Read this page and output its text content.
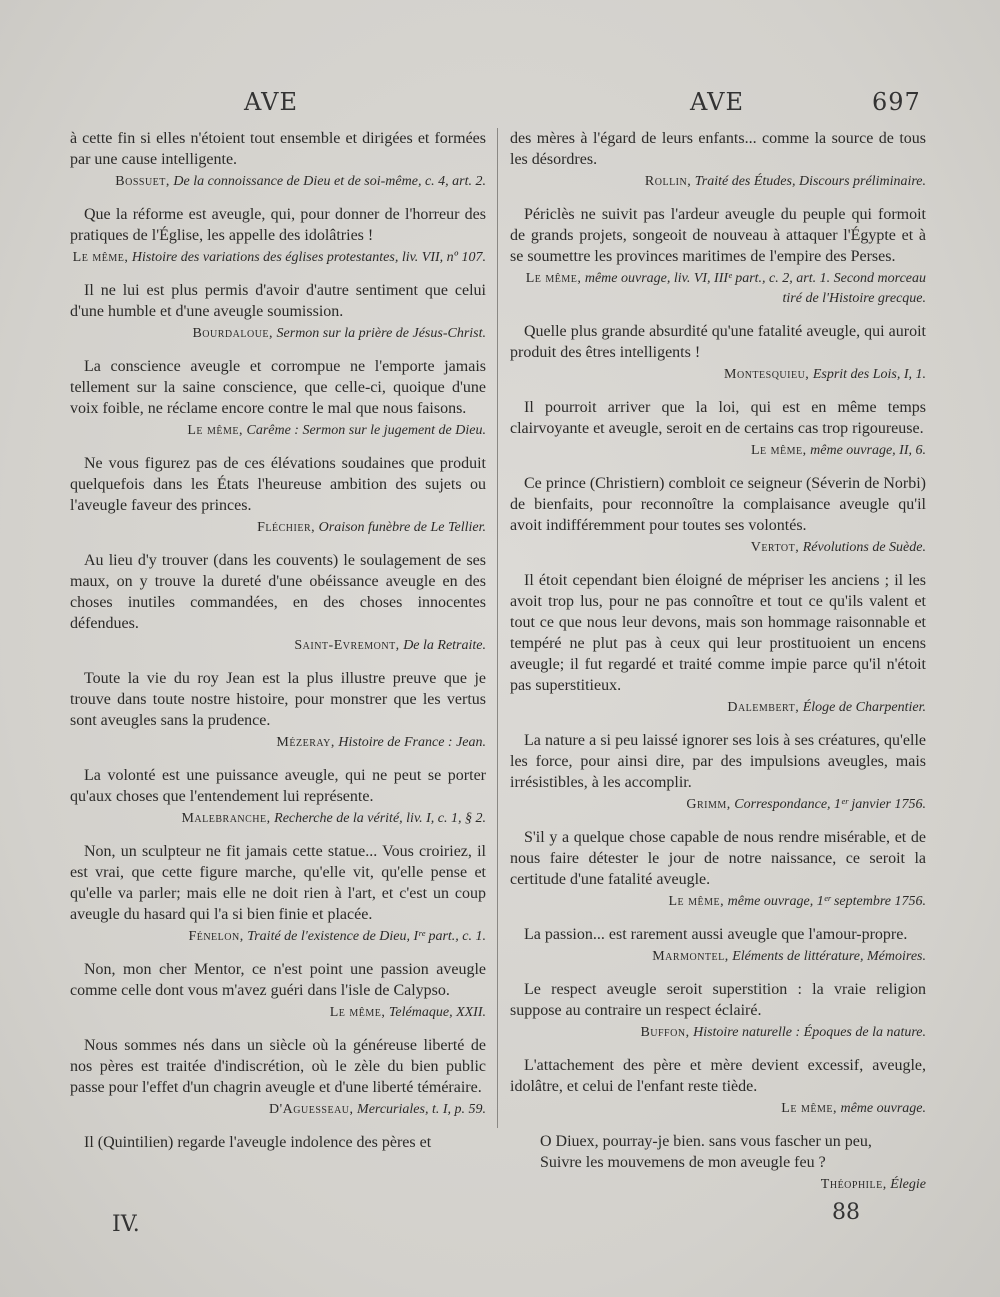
AVE	AVE	697

à cette fin si elles n'étoient tout ensemble et dirigées et formées par une cause intelligente.

Bossuet, De la connoissance de Dieu et de soi-même, c. 4, art. 2.

Que la réforme est aveugle, qui, pour donner de l'horreur des pratiques de l'Église, les appelle des idolâtries !

Le même, Histoire des variations des églises protestantes, liv. VII, nº 107.

Il ne lui est plus permis d'avoir d'autre sentiment que celui d'une humble et d'une aveugle soumission.

Bourdaloue, Sermon sur la prière de Jésus-Christ.

La conscience aveugle et corrompue ne l'emporte jamais tellement sur la saine conscience, que celle-ci, quoique d'une voix foible, ne réclame encore contre le mal que nous faisons.

Le même, Carême : Sermon sur le jugement de Dieu.

Ne vous figurez pas de ces élévations soudaines que produit quelquefois dans les États l'heureuse ambition des sujets ou l'aveugle faveur des princes.

Fléchier, Oraison funèbre de Le Tellier.

Au lieu d'y trouver (dans les couvents) le soulagement de ses maux, on y trouve la dureté d'une obéissance aveugle en des choses inutiles commandées, en des choses innocentes défendues.

Saint-Evremont, De la Retraite.

Toute la vie du roy Jean est la plus illustre preuve que je trouve dans toute nostre histoire, pour monstrer que les vertus sont aveugles sans la prudence.

Mézeray, Histoire de France : Jean.

La volonté est une puissance aveugle, qui ne peut se porter qu'aux choses que l'entendement lui représente.

Malebranche, Recherche de la vérité, liv. I, c. 1, § 2.

Non, un sculpteur ne fit jamais cette statue... Vous croiriez, il est vrai, que cette figure marche, qu'elle vit, qu'elle pense et qu'elle va parler; mais elle ne doit rien à l'art, et c'est un coup aveugle du hasard qui l'a si bien finie et placée.

Fénelon, Traité de l'existence de Dieu, Iʳᵉ part., c. 1.

Non, mon cher Mentor, ce n'est point une passion aveugle comme celle dont vous m'avez guéri dans l'isle de Calypso.

Le même, Telémaque, XXII.

Nous sommes nés dans un siècle où la généreuse liberté de nos pères est traitée d'indiscrétion, où le zèle du bien public passe pour l'effet d'un chagrin aveugle et d'une liberté téméraire.

D'Aguesseau, Mercuriales, t. I, p. 59.

Il (Quintilien) regarde l'aveugle indolence des pères et

des mères à l'égard de leurs enfants... comme la source de tous les désordres.

Rollin, Traité des Études, Discours préliminaire.

Périclès ne suivit pas l'ardeur aveugle du peuple qui formoit de grands projets, songeoit de nouveau à attaquer l'Égypte et à se soumettre les provinces maritimes de l'empire des Perses.

Le même, même ouvrage, liv. VI, IIIᵉ part., c. 2, art. 1. Second morceau tiré de l'Histoire grecque.

Quelle plus grande absurdité qu'une fatalité aveugle, qui auroit produit des êtres intelligents !

Montesquieu, Esprit des Lois, I, 1.

Il pourroit arriver que la loi, qui est en même temps clairvoyante et aveugle, seroit en de certains cas trop rigoureuse.

Le même, même ouvrage, II, 6.

Ce prince (Christiern) combloit ce seigneur (Séverin de Norbi) de bienfaits, pour reconnoître la complaisance aveugle qu'il avoit indifféremment pour toutes ses volontés.

Vertot, Révolutions de Suède.

Il étoit cependant bien éloigné de mépriser les anciens ; il les avoit trop lus, pour ne pas connoître et tout ce qu'ils valent et tout ce que nous leur devons, mais son hommage raisonnable et tempéré ne plut pas à ceux qui leur prostituoient un encens aveugle; il fut regardé et traité comme impie parce qu'il n'étoit pas superstitieux.

Dalembert, Éloge de Charpentier.

La nature a si peu laissé ignorer ses lois à ses créatures, qu'elle les force, pour ainsi dire, par des impulsions aveugles, mais irrésistibles, à les accomplir.

Grimm, Correspondance, 1ᵉʳ janvier 1756.

S'il y a quelque chose capable de nous rendre misérable, et de nous faire détester le jour de notre naissance, ce seroit la certitude d'une fatalité aveugle.

Le même, même ouvrage, 1ᵉʳ septembre 1756.

La passion... est rarement aussi aveugle que l'amour-propre.

Marmontel, Eléments de littérature, Mémoires.

Le respect aveugle seroit superstition : la vraie religion suppose au contraire un respect éclairé.

Buffon, Histoire naturelle : Époques de la nature.

L'attachement des père et mère devient excessif, aveugle, idolâtre, et celui de l'enfant reste tiède.

Le même, même ouvrage.

O Diuex, pourray-je bien. sans vous fascher un peu,

Suivre les mouvemens de mon aveugle feu ?

Théophile, Élegie

IV.	88
